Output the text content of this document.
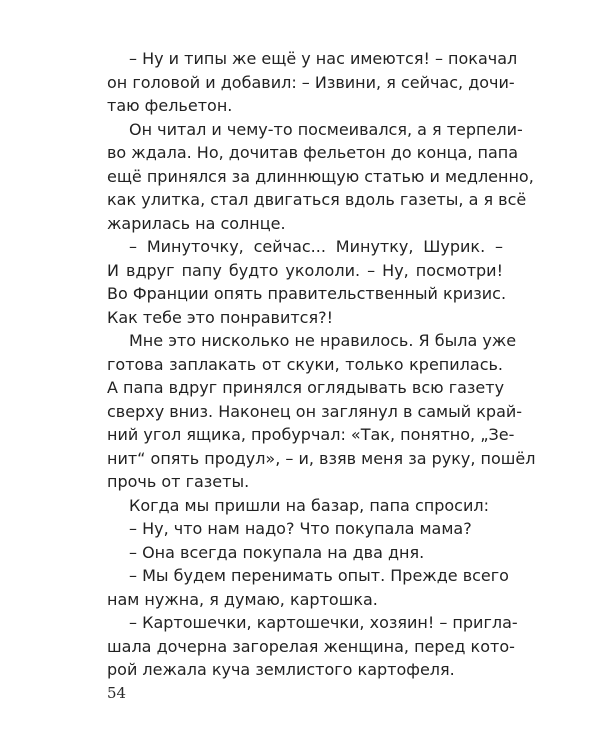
– Ну и типы же ещё у нас имеются! – покачал
он головой и добавил: – Извини, я сейчас, дочи-
таю фельетон.
Он читал и чему-то посмеивался, а я терпели-
во ждала. Но, дочитав фельетон до конца, папа
ещё принялся за длиннющую статью и медленно,
как улитка, стал двигаться вдоль газеты, а я всё
жарилась на солнце.
– Минуточку, сейчас... Минутку, Шурик. –
И вдруг папу будто укололи. – Ну, посмотри!
Во Франции опять правительственный кризис.
Как тебе это понравится?!
Мне это нисколько не нравилось. Я была уже
готова заплакать от скуки, только крепилась.
А папа вдруг принялся оглядывать всю газету
сверху вниз. Наконец он заглянул в самый край-
ний угол ящика, пробурчал: «Так, понятно, „Зе-
нит“ опять продул», – и, взяв меня за руку, пошёл
прочь от газеты.
Когда мы пришли на базар, папа спросил:
– Ну, что нам надо? Что покупала мама?
– Она всегда покупала на два дня.
– Мы будем перенимать опыт. Прежде всего
нам нужна, я думаю, картошка.
– Картошечки, картошечки, хозяин! – пригла-
шала дочерна загорелая женщина, перед кото-
рой лежала куча землистого картофеля.
54
